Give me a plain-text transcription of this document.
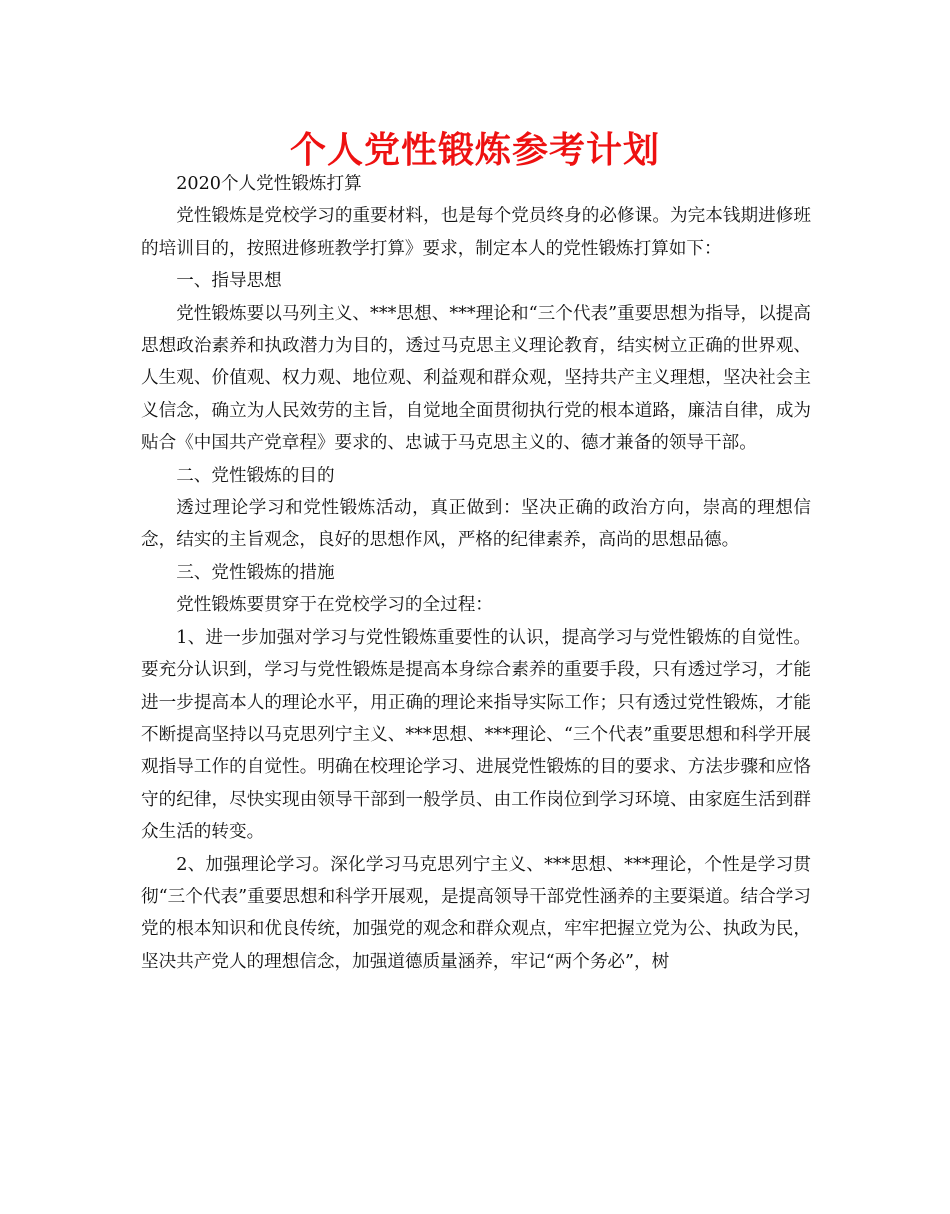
个人党性锻炼参考计划

2020个人党性锻炼打算

党性锻炼是党校学习的重要材料，也是每个党员终身的必修课。为完本钱期进修班的培训目的，按照进修班教学打算》要求，制定本人的党性锻炼打算如下：

一、指导思想

党性锻炼要以马列主义、***思想、***理论和“三个代表”重要思想为指导，以提高思想政治素养和执政潜力为目的，透过马克思主义理论教育，结实树立正确的世界观、人生观、价值观、权力观、地位观、利益观和群众观，坚持共产主义理想，坚决社会主义信念，确立为人民效劳的主旨，自觉地全面贯彻执行党的根本道路，廉洁自律，成为贴合《中国共产党章程》要求的、忠诚于马克思主义的、德才兼备的领导干部。

二、党性锻炼的目的

透过理论学习和党性锻炼活动，真正做到：坚决正确的政治方向，崇高的理想信念，结实的主旨观念，良好的思想作风，严格的纪律素养，高尚的思想品德。

三、党性锻炼的措施

党性锻炼要贯穿于在党校学习的全过程：

1、进一步加强对学习与党性锻炼重要性的认识，提高学习与党性锻炼的自觉性。要充分认识到，学习与党性锻炼是提高本身综合素养的重要手段，只有透过学习，才能进一步提高本人的理论水平，用正确的理论来指导实际工作；只有透过党性锻炼，才能不断提高坚持以马克思列宁主义、***思想、***理论、“三个代表”重要思想和科学开展观指导工作的自觉性。明确在校理论学习、进展党性锻炼的目的要求、方法步骤和应恪守的纪律，尽快实现由领导干部到一般学员、由工作岗位到学习环境、由家庭生活到群众生活的转变。

2、加强理论学习。深化学习马克思列宁主义、***思想、***理论，个性是学习贯彻“三个代表”重要思想和科学开展观，是提高领导干部党性涵养的主要渠道。结合学习党的根本知识和优良传统，加强党的观念和群众观点，牢牢把握立党为公、执政为民，坚决共产党人的理想信念，加强道德质量涵养，牢记“两个务必”，树
